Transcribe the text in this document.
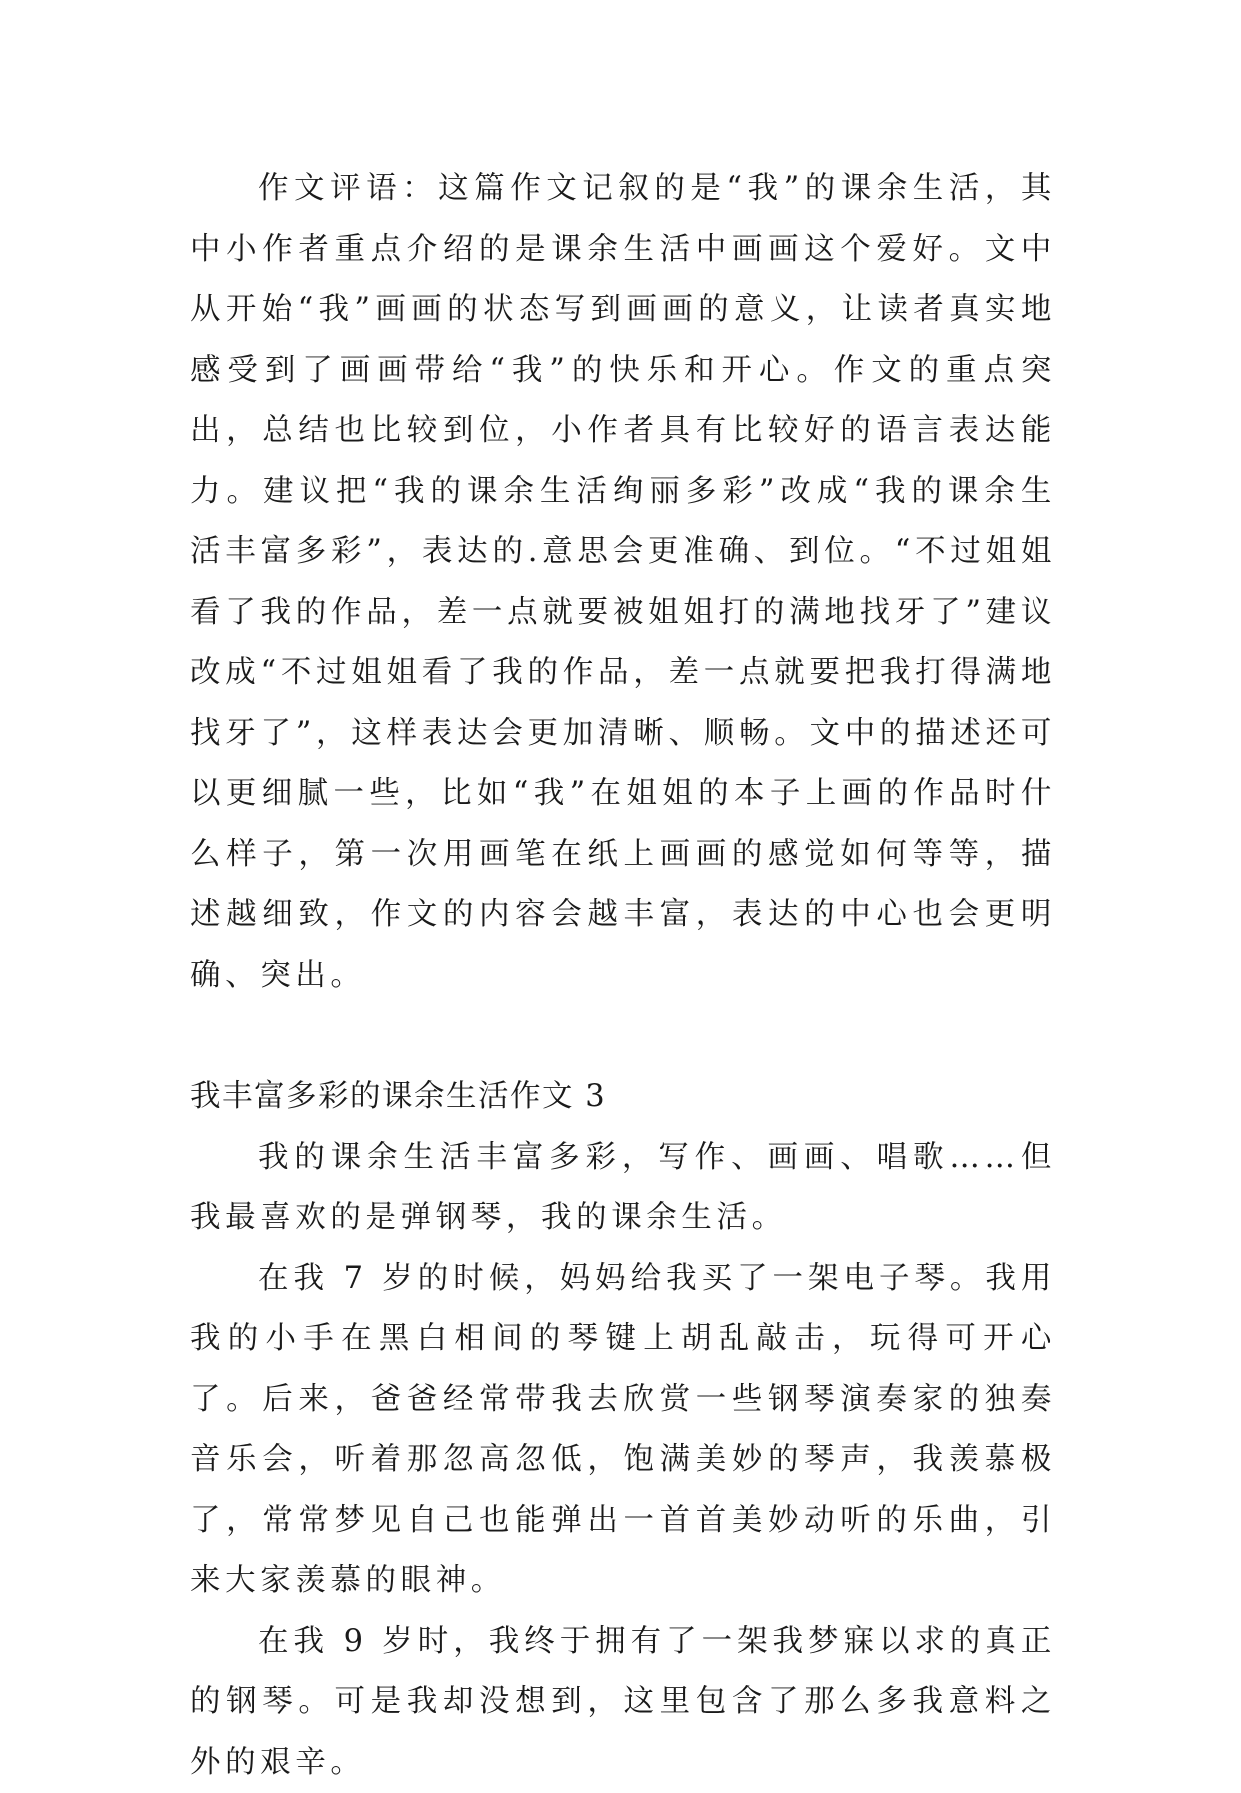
作文评语：这篇作文记叙的是“我”的课余生活，其中小作者重点介绍的是课余生活中画画这个爱好。文中从开始“我”画画的状态写到画画的意义，让读者真实地感受到了画画带给“我”的快乐和开心。作文的重点突出，总结也比较到位，小作者具有比较好的语言表达能力。建议把“我的课余生活绚丽多彩”改成“我的课余生活丰富多彩”，表达的.意思会更准确、到位。“不过姐姐看了我的作品，差一点就要被姐姐打的满地找牙了”建议改成“不过姐姐看了我的作品，差一点就要把我打得满地找牙了”，这样表达会更加清晰、顺畅。文中的描述还可以更细腻一些，比如“我”在姐姐的本子上画的作品时什么样子，第一次用画笔在纸上画画的感觉如何等等，描述越细致，作文的内容会越丰富，表达的中心也会更明确、突出。

我丰富多彩的课余生活作文 3

我的课余生活丰富多彩，写作、画画、唱歌……但我最喜欢的是弹钢琴，我的课余生活。

在我 7 岁的时候，妈妈给我买了一架电子琴。我用我的小手在黑白相间的琴键上胡乱敲击，玩得可开心了。后来，爸爸经常带我去欣赏一些钢琴演奏家的独奏音乐会，听着那忽高忽低，饱满美妙的琴声，我羡慕极了，常常梦见自己也能弹出一首首美妙动听的乐曲，引来大家羡慕的眼神。

在我 9 岁时，我终于拥有了一架我梦寐以求的真正的钢琴。可是我却没想到，这里包含了那么多我意料之外的艰辛。
